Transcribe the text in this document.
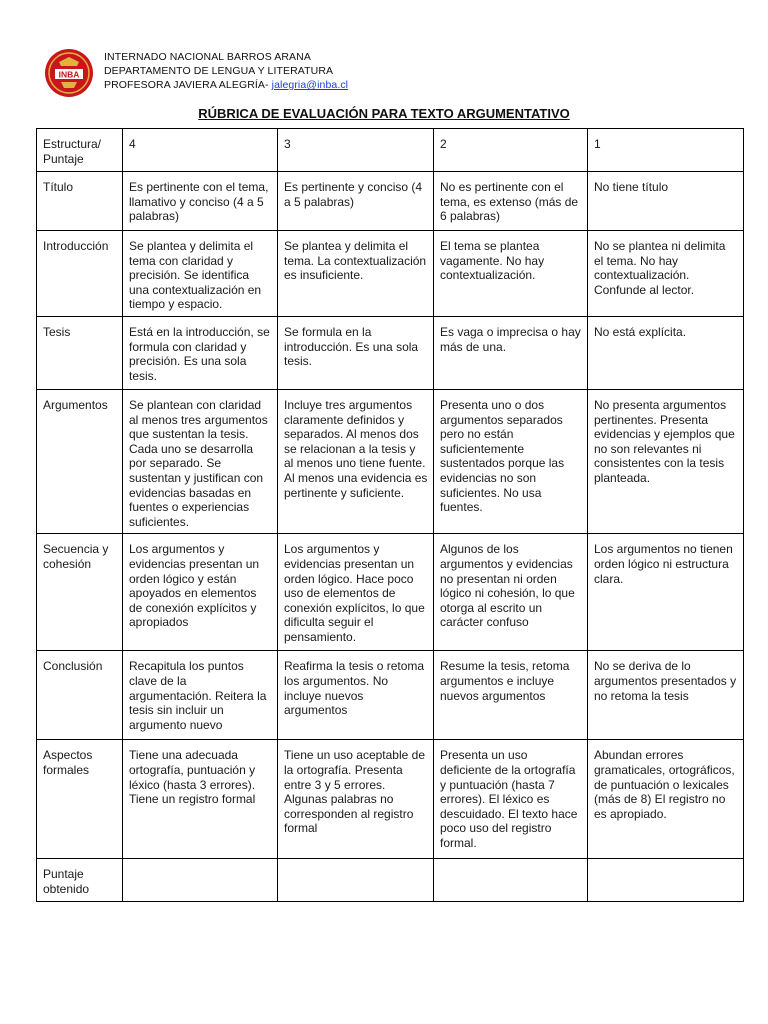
INBA
INTERNADO NACIONAL BARROS ARANA
DEPARTAMENTO DE LENGUA Y LITERATURA
PROFESORA JAVIERA ALEGRÍA- jalegria@inba.cl
RÚBRICA DE EVALUACIÓN PARA TEXTO ARGUMENTATIVO
Estructura/ Puntaje	4	3	2	1
Título	Es pertinente con el tema, llamativo y conciso (4 a 5 palabras)	Es pertinente y conciso (4 a 5 palabras)	No es pertinente con el tema, es extenso (más de 6 palabras)	No tiene título
Introducción	Se plantea y delimita el tema con claridad y precisión. Se identifica una contextualización en tiempo y espacio.	Se plantea y delimita el tema. La contextualización es insuficiente.	El tema se plantea vagamente. No hay contextualización.	No se plantea ni delimita el tema. No hay contextualización. Confunde al lector.
Tesis	Está en la introducción, se formula con claridad y precisión. Es una sola tesis.	Se formula en la introducción. Es una sola tesis.	Es vaga o imprecisa o hay más de una.	No está explícita.
Argumentos	Se plantean con claridad al menos tres argumentos que sustentan la tesis. Cada uno se desarrolla por separado. Se sustentan y justifican con evidencias basadas en fuentes o experiencias suficientes.	Incluye tres argumentos claramente definidos y separados. Al menos dos se relacionan a la tesis y al menos uno tiene fuente. Al menos una evidencia es pertinente y suficiente.	Presenta uno o dos argumentos separados pero no están suficientemente sustentados porque las evidencias no son suficientes. No usa fuentes.	No presenta argumentos pertinentes. Presenta evidencias y ejemplos que no son relevantes ni consistentes con la tesis planteada.
Secuencia y cohesión	Los argumentos y evidencias presentan un orden lógico y están apoyados en elementos de conexión explícitos y apropiados	Los argumentos y evidencias presentan un orden lógico. Hace poco uso de elementos de conexión explícitos, lo que dificulta seguir el pensamiento.	Algunos de los argumentos y evidencias no presentan ni orden lógico ni cohesión, lo que otorga al escrito un carácter confuso	Los argumentos no tienen orden lógico ni estructura clara.
Conclusión	Recapitula los puntos clave de la argumentación. Reitera la tesis sin incluir un argumento nuevo	Reafirma la tesis o retoma los argumentos. No incluye nuevos argumentos	Resume la tesis, retoma argumentos e incluye nuevos argumentos	No se deriva de lo argumentos presentados y no retoma la tesis
Aspectos formales	Tiene una adecuada ortografía, puntuación y léxico (hasta 3 errores). Tiene un registro formal	Tiene un uso aceptable de la ortografía. Presenta entre 3 y 5 errores. Algunas palabras no corresponden al registro formal	Presenta un uso deficiente de la ortografía y puntuación (hasta 7 errores). El léxico es descuidado. El texto hace poco uso del registro formal.	Abundan errores gramaticales, ortográficos, de puntuación o lexicales (más de 8) El registro no es apropiado.
Puntaje obtenido				
